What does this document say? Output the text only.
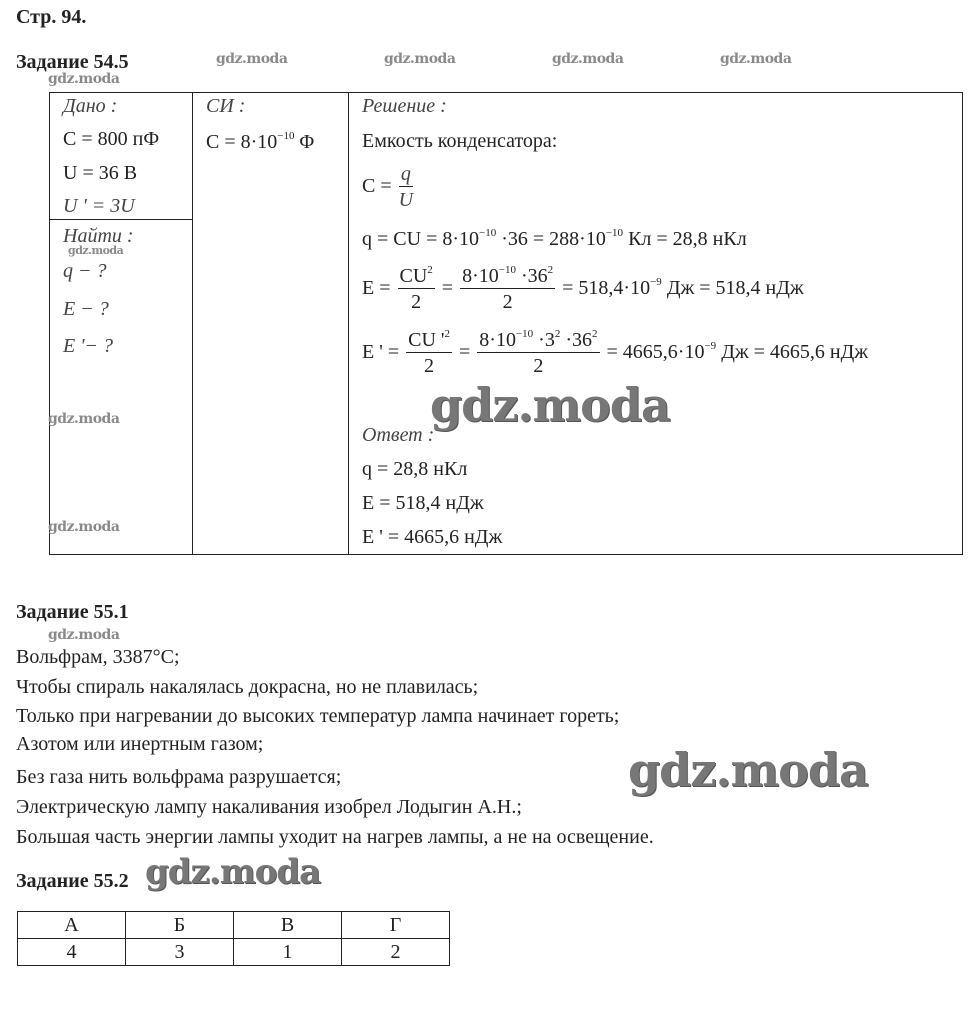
Стр. 94.
Задание 54.5
Дано :
C = 800 пФ
U = 36 В
U ' = 3U
Найти :
q − ?
E − ?
E '− ?
СИ :
$C = 8\cdot 10^{-10}$ Φ
Решение :
Емкость конденсатора:
$C = \frac{q}{U}$
q = CU = $8\cdot 10^{-10} \cdot 36 = 288\cdot 10^{-10}$ Кл = 28,8 нКл
$E = \frac{CU^2}{2} = \frac{8\cdot 10^{-10} \cdot 36^2}{2} = 518,4\cdot 10^{-9}$ Дж = 518,4 нДж
E ' = $\frac{CU '^2}{2} = \frac{8\cdot 10^{-10} \cdot 3^2 \cdot 36^2}{2} = 4665,6\cdot 10^{-9}$ Дж = 4665,6 нДж
Ответ :
q = 28,8 нКл
E = 518,4 нДж
E ' = 4665,6 нДж
Задание 55.1
Вольфрам, 3387°С;
Чтобы спираль накалялась докрасна, но не плавилась;
Только при нагревании до высоких температур лампа начинает гореть;
Азотом или инертным газом;
Без газа нить вольфрама разрушается;
Электрическую лампу накаливания изобрел Лодыгин А.Н.;
Большая часть энергии лампы уходит на нагрев лампы, а не на освещение.
Задание 55.2
А	Б	В	Г
4	3	1	2
gdz.moda	gdz.moda	gdz.moda	gdz.moda
gdz.moda
gdz.moda
gdz.moda
gdz.moda
gdz.moda
gdz.moda
gdz.moda
gdz.moda
